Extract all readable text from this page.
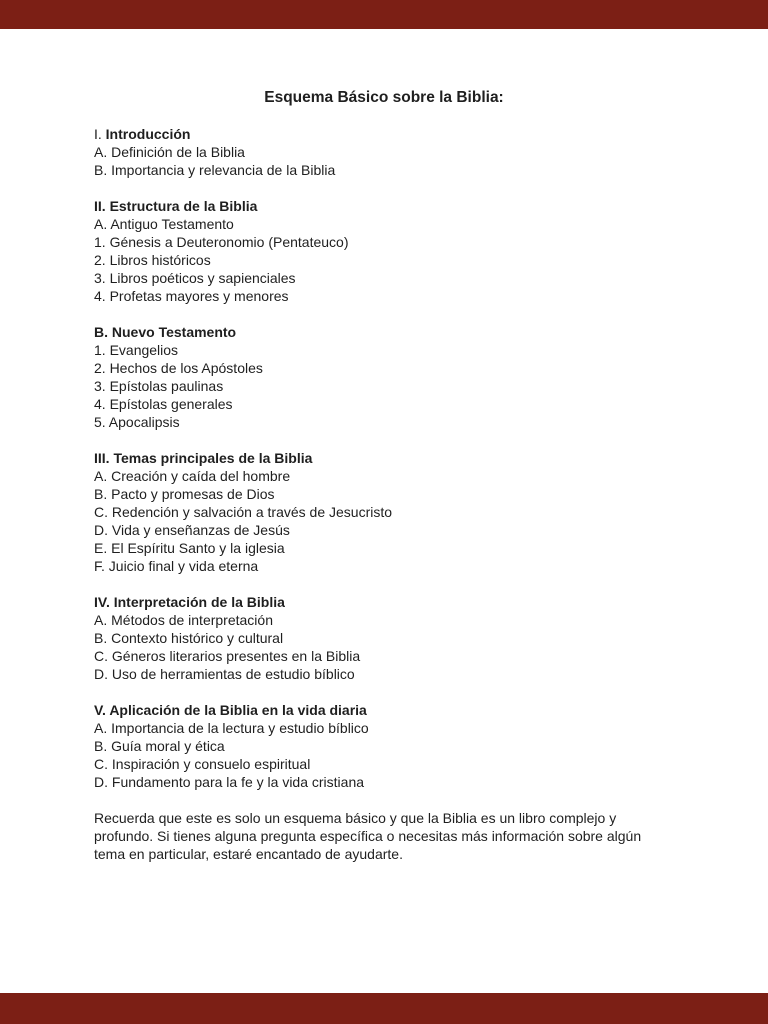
Esquema Básico sobre la Biblia:
I. Introducción
A. Definición de la Biblia
B. Importancia y relevancia de la Biblia
II. Estructura de la Biblia
A. Antiguo Testamento
1. Génesis a Deuteronomio (Pentateuco)
2. Libros históricos
3. Libros poéticos y sapienciales
4. Profetas mayores y menores
B. Nuevo Testamento
1. Evangelios
2. Hechos de los Apóstoles
3. Epístolas paulinas
4. Epístolas generales
5. Apocalipsis
III. Temas principales de la Biblia
A. Creación y caída del hombre
B. Pacto y promesas de Dios
C. Redención y salvación a través de Jesucristo
D. Vida y enseñanzas de Jesús
E. El Espíritu Santo y la iglesia
F. Juicio final y vida eterna
IV. Interpretación de la Biblia
A. Métodos de interpretación
B. Contexto histórico y cultural
C. Géneros literarios presentes en la Biblia
D. Uso de herramientas de estudio bíblico
V. Aplicación de la Biblia en la vida diaria
A. Importancia de la lectura y estudio bíblico
B. Guía moral y ética
C. Inspiración y consuelo espiritual
D. Fundamento para la fe y la vida cristiana
Recuerda que este es solo un esquema básico y que la Biblia es un libro complejo y
profundo. Si tienes alguna pregunta específica o necesitas más información sobre algún
tema en particular, estaré encantado de ayudarte.
